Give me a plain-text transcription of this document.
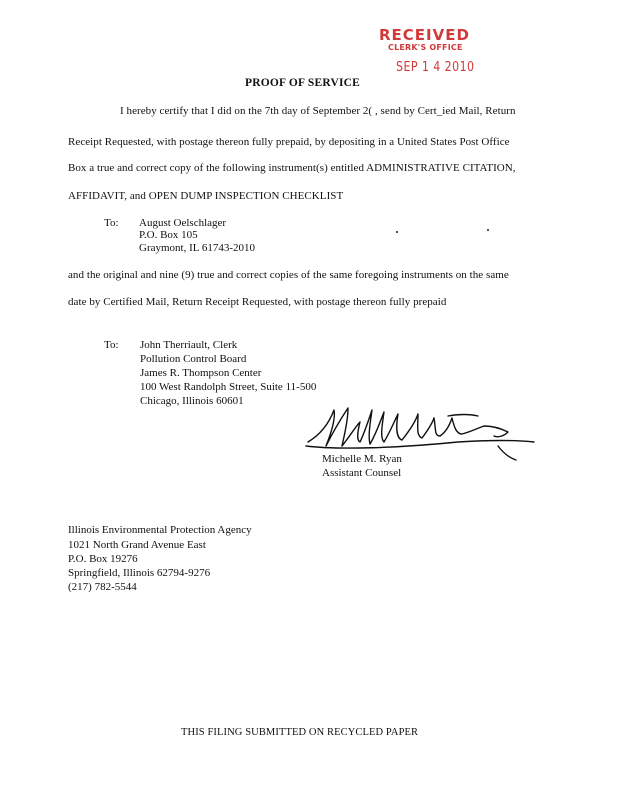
RECEIVED
CLERK'S OFFICE
SEP 1 4 2010
PROOF OF SERVICE
I hereby certify that I did on the 7th day of September 2( , send by Cert_ied Mail, Return
Receipt Requested, with postage thereon fully prepaid, by depositing in a United States Post Office
Box a true and correct copy of the following instrument(s) entitled ADMINISTRATIVE CITATION,
AFFIDAVIT, and OPEN DUMP INSPECTION CHECKLIST
To: August Oelschlager
P.O. Box 105
Graymont, IL 61743-2010
and the original and nine (9) true and correct copies of the same foregoing instruments on the same
date by Certified Mail, Return Receipt Requested, with postage thereon fully prepaid
To: John Therriault, Clerk
Pollution Control Board
James R. Thompson Center
100 West Randolph Street, Suite 11-500
Chicago, Illinois 60601	Michelle M. Ryan
Michelle M. Ryan
Assistant Counsel
Illinois Environmental Protection Agency
1021 North Grand Avenue East
P.O. Box 19276
Springfield, Illinois 62794-9276
(217) 782-5544
THIS FILING SUBMITTED ON RECYCLED PAPER
